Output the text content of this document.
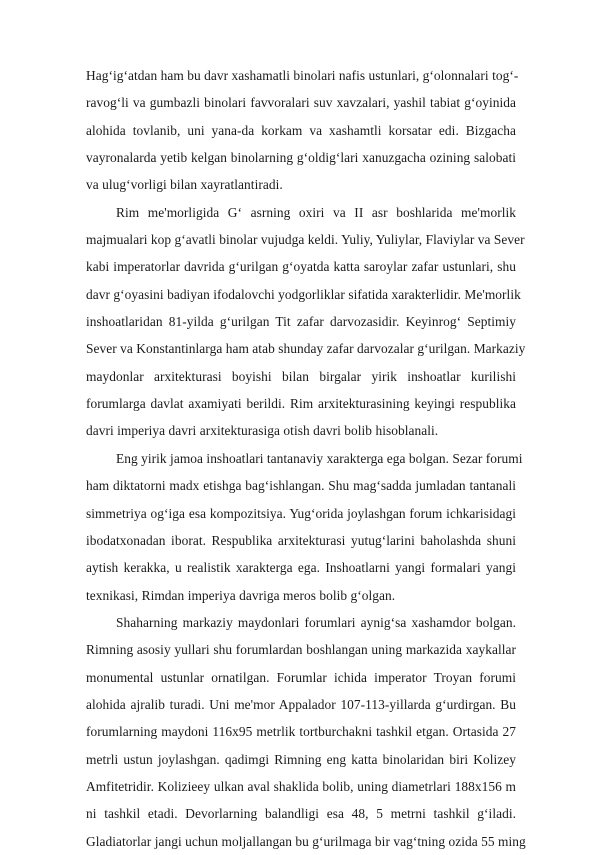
Hag‘ig‘atdan ham bu davr xashamatli binolari nafis ustunlari, g‘olonnalari tog‘-
ravog‘li va gumbazli binolari favvoralari suv xavzalari, yashil tabiat g‘oyinida
alohida tovlanib, uni yana-da korkam va xashamtli korsatar edi. Bizgacha
vayronalarda yetib kelgan binolarning g‘oldig‘lari xanuzgacha ozining salobati
va ulug‘vorligi bilan xayratlantiradi.
Rim me'morligida G‘ asrning oxiri va II asr boshlarida me'morlik
majmualari kop g‘avatli binolar vujudga keldi. Yuliy, Yuliylar, Flaviylar va Sever
kabi imperatorlar davrida g‘urilgan g‘oyatda katta saroylar zafar ustunlari, shu
davr g‘oyasini badiyan ifodalovchi yodgorliklar sifatida xarakterlidir. Me'morlik
inshoatlaridan 81-yilda g‘urilgan Tit zafar darvozasidir. Keyinrog‘ Septimiy
Sever va Konstantinlarga ham atab shunday zafar darvozalar g‘urilgan. Markaziy
maydonlar arxitekturasi boyishi bilan birgalar yirik inshoatlar kurilishi
forumlarga davlat axamiyati berildi. Rim arxitekturasining keyingi respublika
davri imperiya davri arxitekturasiga otish davri bolib hisoblanali.
Eng yirik jamoa inshoatlari tantanaviy xarakterga ega bolgan. Sezar forumi
ham diktatorni madx etishga bag‘ishlangan. Shu mag‘sadda jumladan tantanali
simmetriya og‘iga esa kompozitsiya. Yug‘orida joylashgan forum ichkarisidagi
ibodatxonadan iborat. Respublika arxitekturasi yutug‘larini baholashda shuni
aytish kerakka, u realistik xarakterga ega. Inshoatlarni yangi formalari yangi
texnikasi, Rimdan imperiya davriga meros bolib g‘olgan.
Shaharning markaziy maydonlari forumlari aynig‘sa xashamdor bolgan.
Rimning asosiy yullari shu forumlardan boshlangan uning markazida xaykallar
monumental ustunlar ornatilgan. Forumlar ichida imperator Troyan forumi
alohida ajralib turadi. Uni me'mor Appalador 107-113-yillarda g‘urdirgan. Bu
forumlarning maydoni 116x95 metrlik tortburchakni tashkil etgan. Ortasida 27
metrli ustun joylashgan. qadimgi Rimning eng katta binolaridan biri Kolizey
Amfitetridir. Kolizieey ulkan aval shaklida bolib, uning diametrlari 188x156 m
ni tashkil etadi. Devorlarning balandligi esa 48, 5 metrni tashkil g‘iladi.
Gladiatorlar jangi uchun moljallangan bu g‘urilmaga bir vag‘tning ozida 55 ming
